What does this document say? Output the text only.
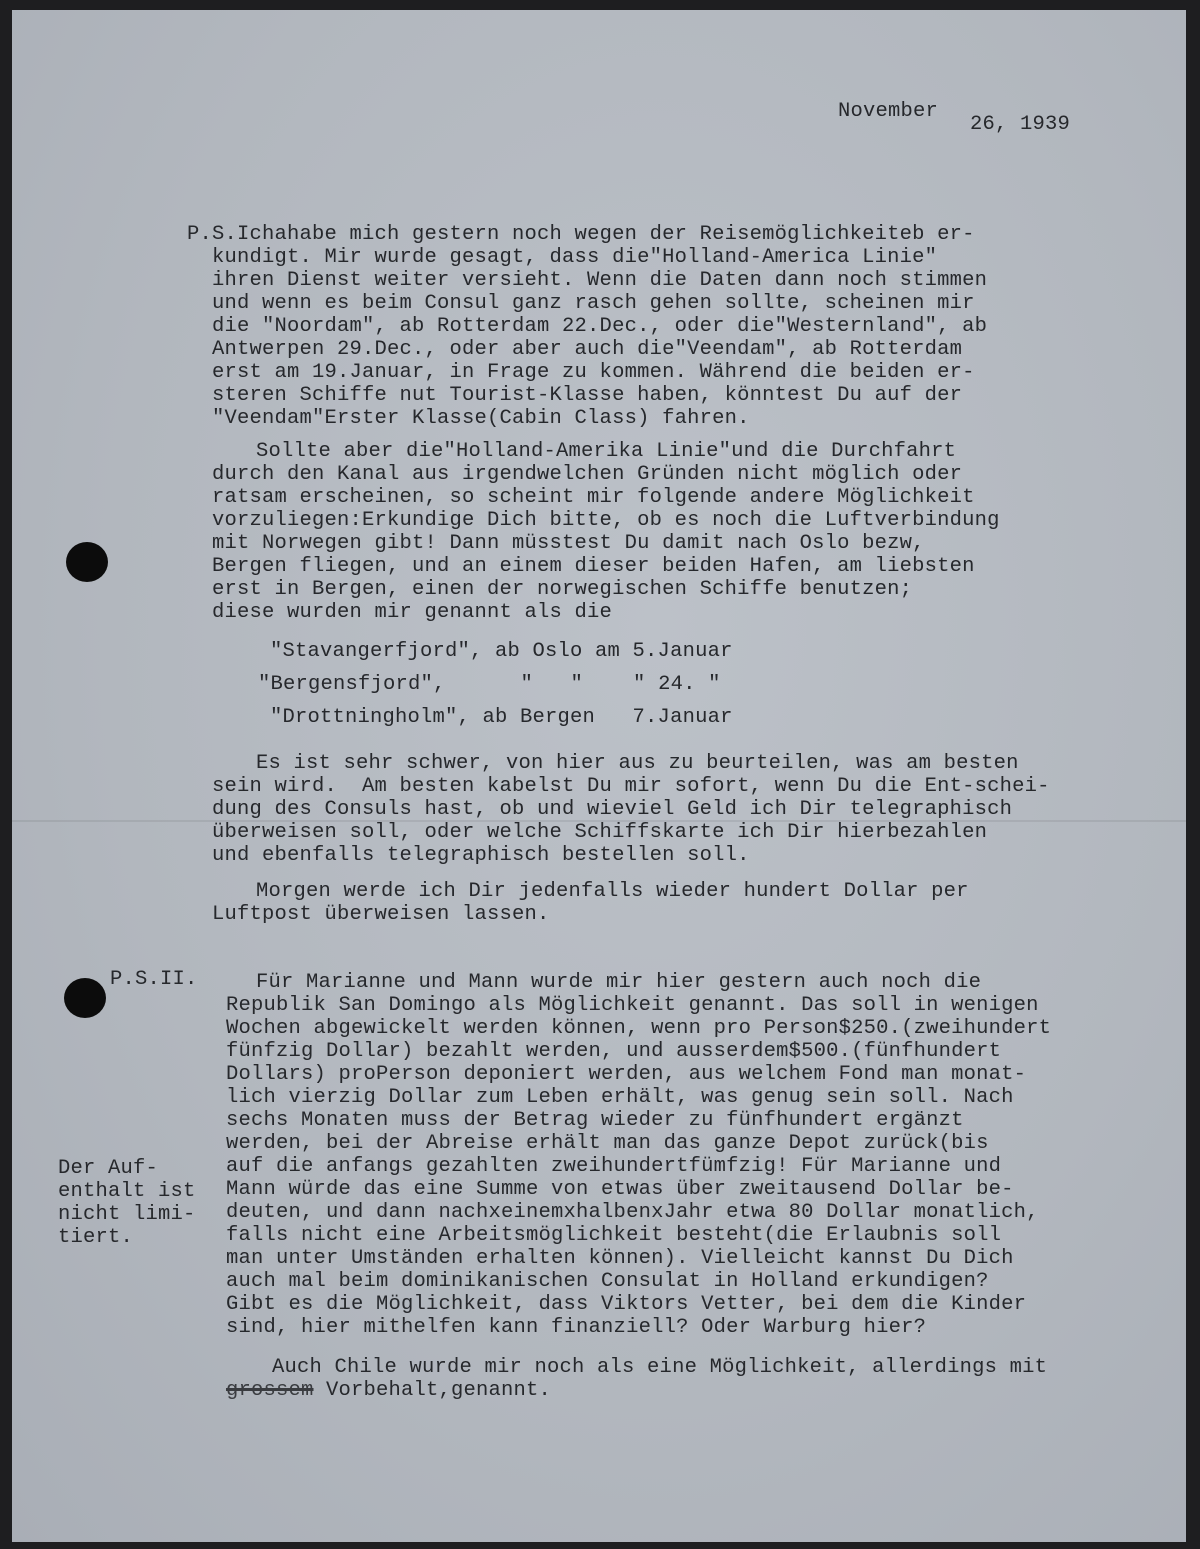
November
26, 1939
P.S.Ichahabe mich gestern noch wegen der Reisemöglichkeiteb er-
kundigt. Mir wurde gesagt, dass die"Holland-America Linie"
ihren Dienst weiter versieht. Wenn die Daten dann noch stimmen
und wenn es beim Consul ganz rasch gehen sollte, scheinen mir
die "Noordam", ab Rotterdam 22.Dec., oder die"Westernland", ab
Antwerpen 29.Dec., oder aber auch die"Veendam", ab Rotterdam
erst am 19.Januar, in Frage zu kommen. Während die beiden er-
steren Schiffe nut Tourist-Klasse haben, könntest Du auf der
"Veendam"Erster Klasse(Cabin Class) fahren.
Sollte aber die"Holland-Amerika Linie"und die Durchfahrt
durch den Kanal aus irgendwelchen Gründen nicht möglich oder
ratsam erscheinen, so scheint mir folgende andere Möglichkeit
vorzuliegen:Erkundige Dich bitte, ob es noch die Luftverbindung
mit Norwegen gibt! Dann müsstest Du damit nach Oslo bezw,
Bergen fliegen, und an einem dieser beiden Hafen, am liebsten
erst in Bergen, einen der norwegischen Schiffe benutzen;
diese wurden mir genannt als die
"Stavangerfjord", ab Oslo am 5.Januar
"Bergensfjord",      "   "    " 24. "
"Drottningholm", ab Bergen   7.Januar
Es ist sehr schwer, von hier aus zu beurteilen, was am besten
sein wird.  Am besten kabelst Du mir sofort, wenn Du die Ent-schei-
dung des Consuls hast, ob und wieviel Geld ich Dir telegraphisch
überweisen soll, oder welche Schiffskarte ich Dir hierbezahlen
und ebenfalls telegraphisch bestellen soll.
Morgen werde ich Dir jedenfalls wieder hundert Dollar per
Luftpost überweisen lassen.
P.S.II.	Für Marianne und Mann wurde mir hier gestern auch noch die
Republik San Domingo als Möglichkeit genannt. Das soll in wenigen
Wochen abgewickelt werden können, wenn pro Person$250.(zweihundert
fünfzig Dollar) bezahlt werden, und ausserdem$500.(fünfhundert
Dollars) proPerson deponiert werden, aus welchem Fond man monat-
lich vierzig Dollar zum Leben erhält, was genug sein soll. Nach
sechs Monaten muss der Betrag wieder zu fünfhundert ergänzt
werden, bei der Abreise erhält man das ganze Depot zurück(bis
auf die anfangs gezahlten zweihundertfümfzig! Für Marianne und
Mann würde das eine Summe von etwas über zweitausend Dollar be-
deuten, und dann nachxeinemxhalbenxJahr etwa 80 Dollar monatlich,
falls nicht eine Arbeitsmöglichkeit besteht(die Erlaubnis soll
man unter Umständen erhalten können). Vielleicht kannst Du Dich
auch mal beim dominikanischen Consulat in Holland erkundigen?
Gibt es die Möglichkeit, dass Viktors Vetter, bei dem die Kinder
sind, hier mithelfen kann finanziell? Oder Warburg hier?
Der Auf-
enthalt ist
nicht limi-
tiert.
Auch Chile wurde mir noch als eine Möglichkeit, allerdings mit
grossem Vorbehalt,genannt.
